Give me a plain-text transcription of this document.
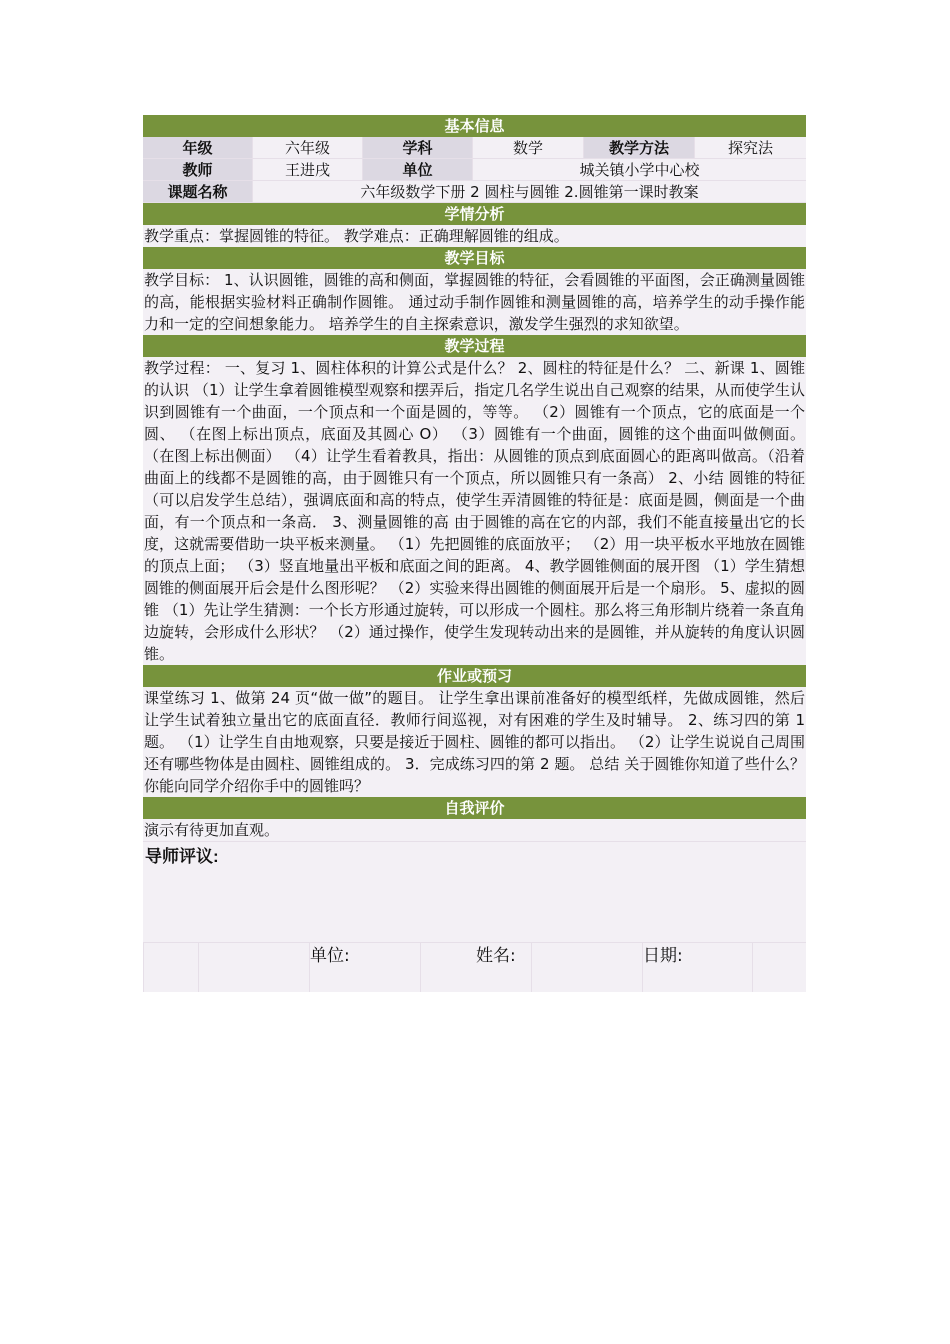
基本信息
年级	六年级	学科	数学	教学方法	探究法
教师	王进戌	单位	城关镇小学中心校
课题名称	六年级数学下册 2 圆柱与圆锥 2.圆锥第一课时教案
学情分析
教学重点：掌握圆锥的特征。 教学难点：正确理解圆锥的组成。
教学目标
教学目标： 1、认识圆锥，圆锥的高和侧面，掌握圆锥的特征，会看圆锥的平面图，会正确测量圆锥的高，能根据实验材料正确制作圆锥。 通过动手制作圆锥和测量圆锥的高，培养学生的动手操作能力和一定的空间想象能力。 培养学生的自主探索意识，激发学生强烈的求知欲望。
教学过程
教学过程： 一、复习 1、圆柱体积的计算公式是什么？ 2、圆柱的特征是什么？ 二、新课 1、圆锥的认识 （1）让学生拿着圆锥模型观察和摆弄后，指定几名学生说出自己观察的结果，从而使学生认识到圆锥有一个曲面，一个顶点和一个面是圆的，等等。 （2）圆锥有一个顶点，它的底面是一个圆、 （在图上标出顶点，底面及其圆心 O） （3）圆锥有一个曲面，圆锥的这个曲面叫做侧面。 （在图上标出侧面） （4）让学生看着教具，指出：从圆锥的顶点到底面圆心的距离叫做高。（沿着曲面上的线都不是圆锥的高，由于圆锥只有一个顶点，所以圆锥只有一条高） 2、小结 圆锥的特征（可以启发学生总结），强调底面和高的特点，使学生弄清圆锥的特征是：底面是圆，侧面是一个曲面，有一个顶点和一条高． 3、测量圆锥的高 由于圆锥的高在它的内部，我们不能直接量出它的长度，这就需要借助一块平板来测量。 （1）先把圆锥的底面放平； （2）用一块平板水平地放在圆锥的顶点上面； （3）竖直地量出平板和底面之间的距离。 4、教学圆锥侧面的展开图 （1）学生猜想圆锥的侧面展开后会是什么图形呢？ （2）实验来得出圆锥的侧面展开后是一个扇形。 5、虚拟的圆锥 （1）先让学生猜测：一个长方形通过旋转，可以形成一个圆柱。那么将三角形制片绕着一条直角边旋转，会形成什么形状？ （2）通过操作，使学生发现转动出来的是圆锥，并从旋转的角度认识圆锥。
作业或预习
课堂练习 1、做第 24 页“做一做”的题目。 让学生拿出课前准备好的模型纸样，先做成圆锥，然后让学生试着独立量出它的底面直径．教师行间巡视，对有困难的学生及时辅导。 2、练习四的第 1 题。 （1）让学生自由地观察，只要是接近于圆柱、圆锥的都可以指出。 （2）让学生说说自己周围还有哪些物体是由圆柱、圆锥组成的。 3．完成练习四的第 2 题。 总结 关于圆锥你知道了些什么？你能向同学介绍你手中的圆锥吗？
自我评价
演示有待更加直观。
导师评议:
单位:	姓名:	日期:
